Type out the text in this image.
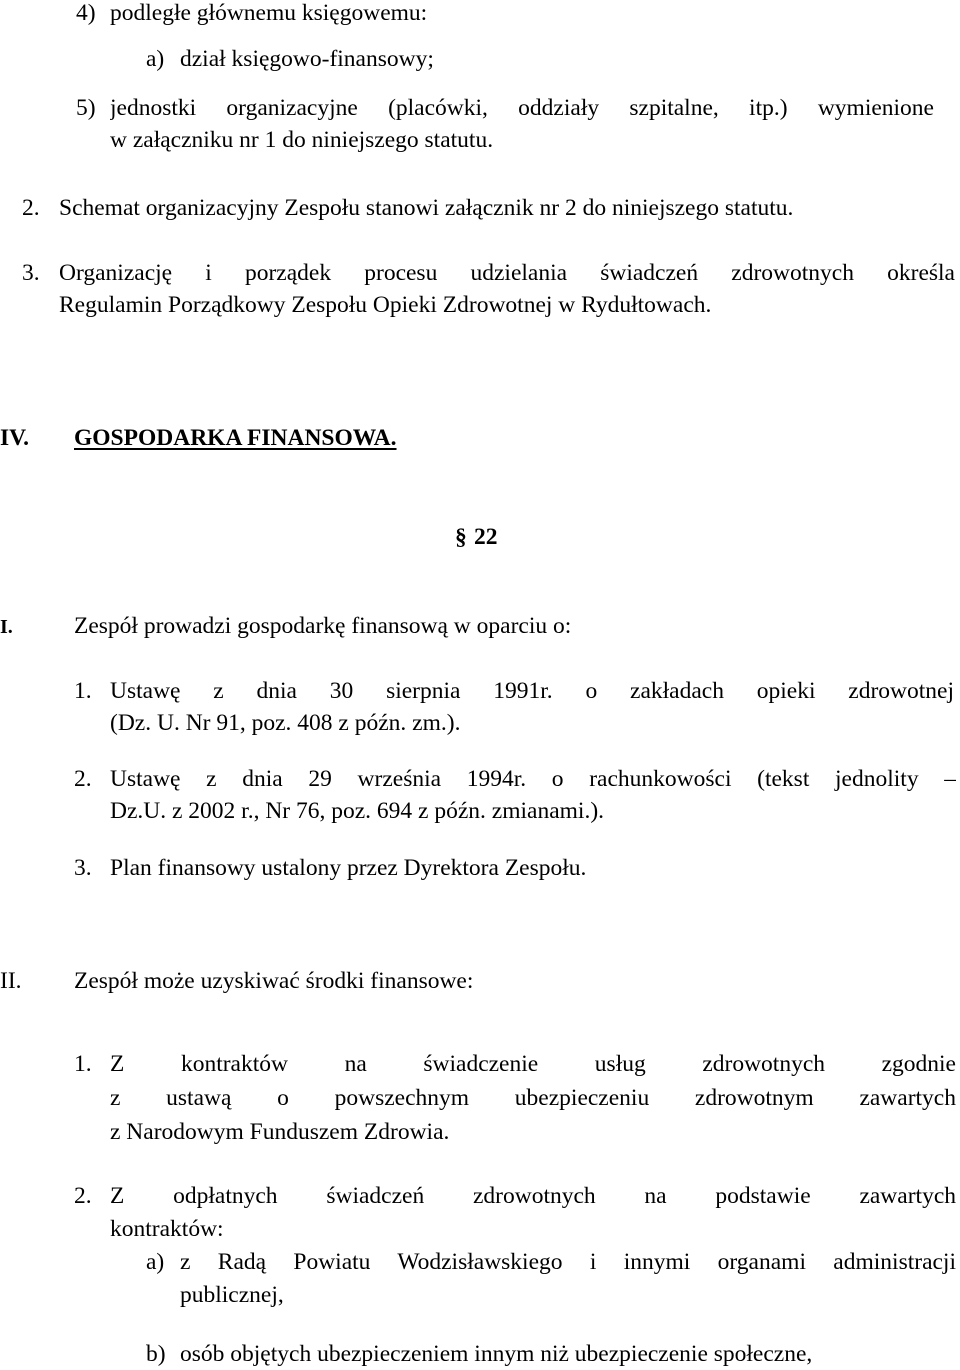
4) podległe głównemu księgowemu:
a) dział księgowo-finansowy;
5) jednostki organizacyjne (placówki, oddziały szpitalne, itp.) wymienione
w załączniku nr 1 do niniejszego statutu.
2. Schemat organizacyjny Zespołu stanowi załącznik nr 2 do niniejszego statutu.
3. Organizację i porządek procesu udzielania świadczeń zdrowotnych określa
Regulamin Porządkowy Zespołu Opieki Zdrowotnej w Rydułtowach.
IV. GOSPODARKA FINANSOWA.
§ 22
I.	Zespół prowadzi gospodarkę finansową w oparciu o:
1. Ustawę z dnia 30 sierpnia 1991r. o zakładach opieki zdrowotnej
(Dz. U. Nr 91, poz. 408 z późn. zm.).
2. Ustawę z dnia 29 września 1994r. o rachunkowości (tekst jednolity –
Dz.U. z 2002 r., Nr 76, poz. 694 z późn. zmianami.).
3. Plan finansowy ustalony przez Dyrektora Zespołu.
II. Zespół może uzyskiwać środki finansowe:
1. Z kontraktów na świadczenie usług zdrowotnych zgodnie
z ustawą o powszechnym ubezpieczeniu zdrowotnym zawartych
z Narodowym Funduszem Zdrowia.
2. Z odpłatnych świadczeń zdrowotnych na podstawie zawartych
kontraktów:
a) z Radą Powiatu Wodzisławskiego i innymi organami administracji
publicznej,
b) osób objętych ubezpieczeniem innym niż ubezpieczenie społeczne,
